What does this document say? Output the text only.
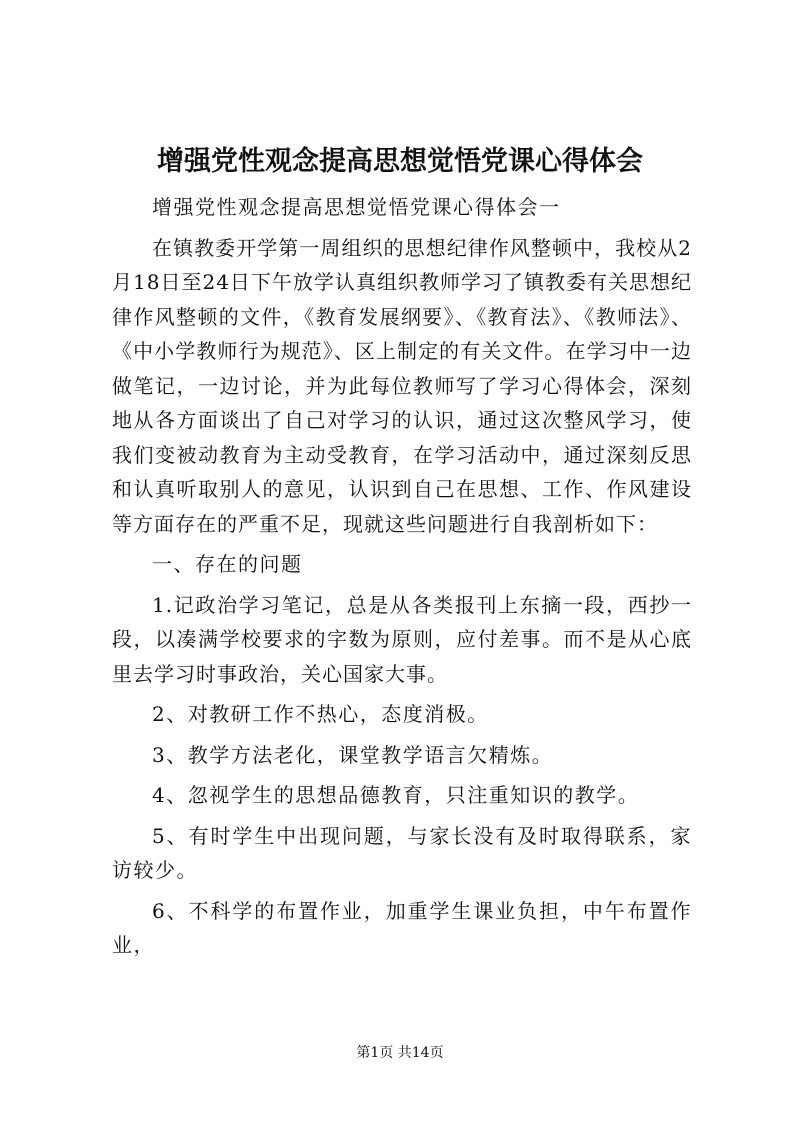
增强党性观念提高思想觉悟党课心得体会

增强党性观念提高思想觉悟党课心得体会一

在镇教委开学第一周组织的思想纪律作风整顿中，我校从2月18日至24日下午放学认真组织教师学习了镇教委有关思想纪律作风整顿的文件，《教育发展纲要》、《教育法》、《教师法》、《中小学教师行为规范》、区上制定的有关文件。在学习中一边做笔记，一边讨论，并为此每位教师写了学习心得体会，深刻地从各方面谈出了自己对学习的认识，通过这次整风学习，使我们变被动教育为主动受教育，在学习活动中，通过深刻反思和认真听取别人的意见，认识到自己在思想、工作、作风建设等方面存在的严重不足，现就这些问题进行自我剖析如下：

一、存在的问题

1.记政治学习笔记，总是从各类报刊上东摘一段，西抄一段，以凑满学校要求的字数为原则，应付差事。而不是从心底里去学习时事政治，关心国家大事。

2、对教研工作不热心，态度消极。

3、教学方法老化，课堂教学语言欠精炼。

4、忽视学生的思想品德教育，只注重知识的教学。

5、有时学生中出现问题，与家长没有及时取得联系，家访较少。

6、不科学的布置作业，加重学生课业负担，中午布置作业，

第1页 共14页
